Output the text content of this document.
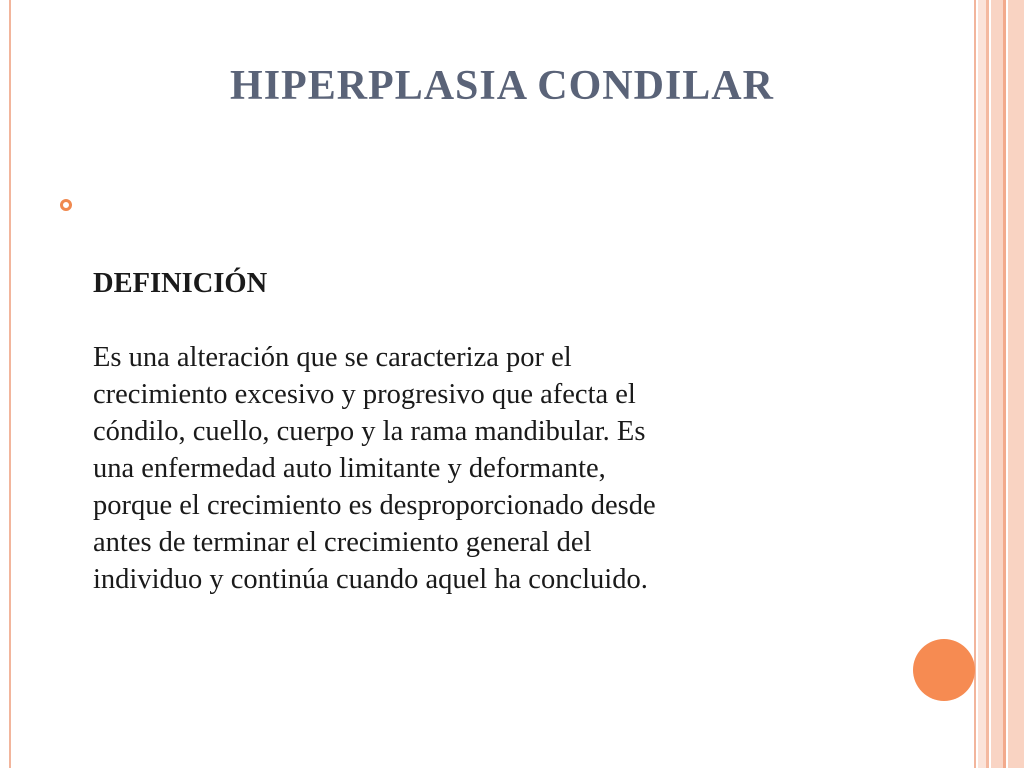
HIPERPLASIA CONDILAR

DEFINICIÓN

Es una alteración que se caracteriza por el
crecimiento excesivo y progresivo que afecta el
cóndilo, cuello, cuerpo y la rama mandibular. Es
una enfermedad auto limitante y deformante,
porque el crecimiento es desproporcionado desde
antes de terminar el crecimiento general del
individuo y continúa cuando aquel ha concluido.
